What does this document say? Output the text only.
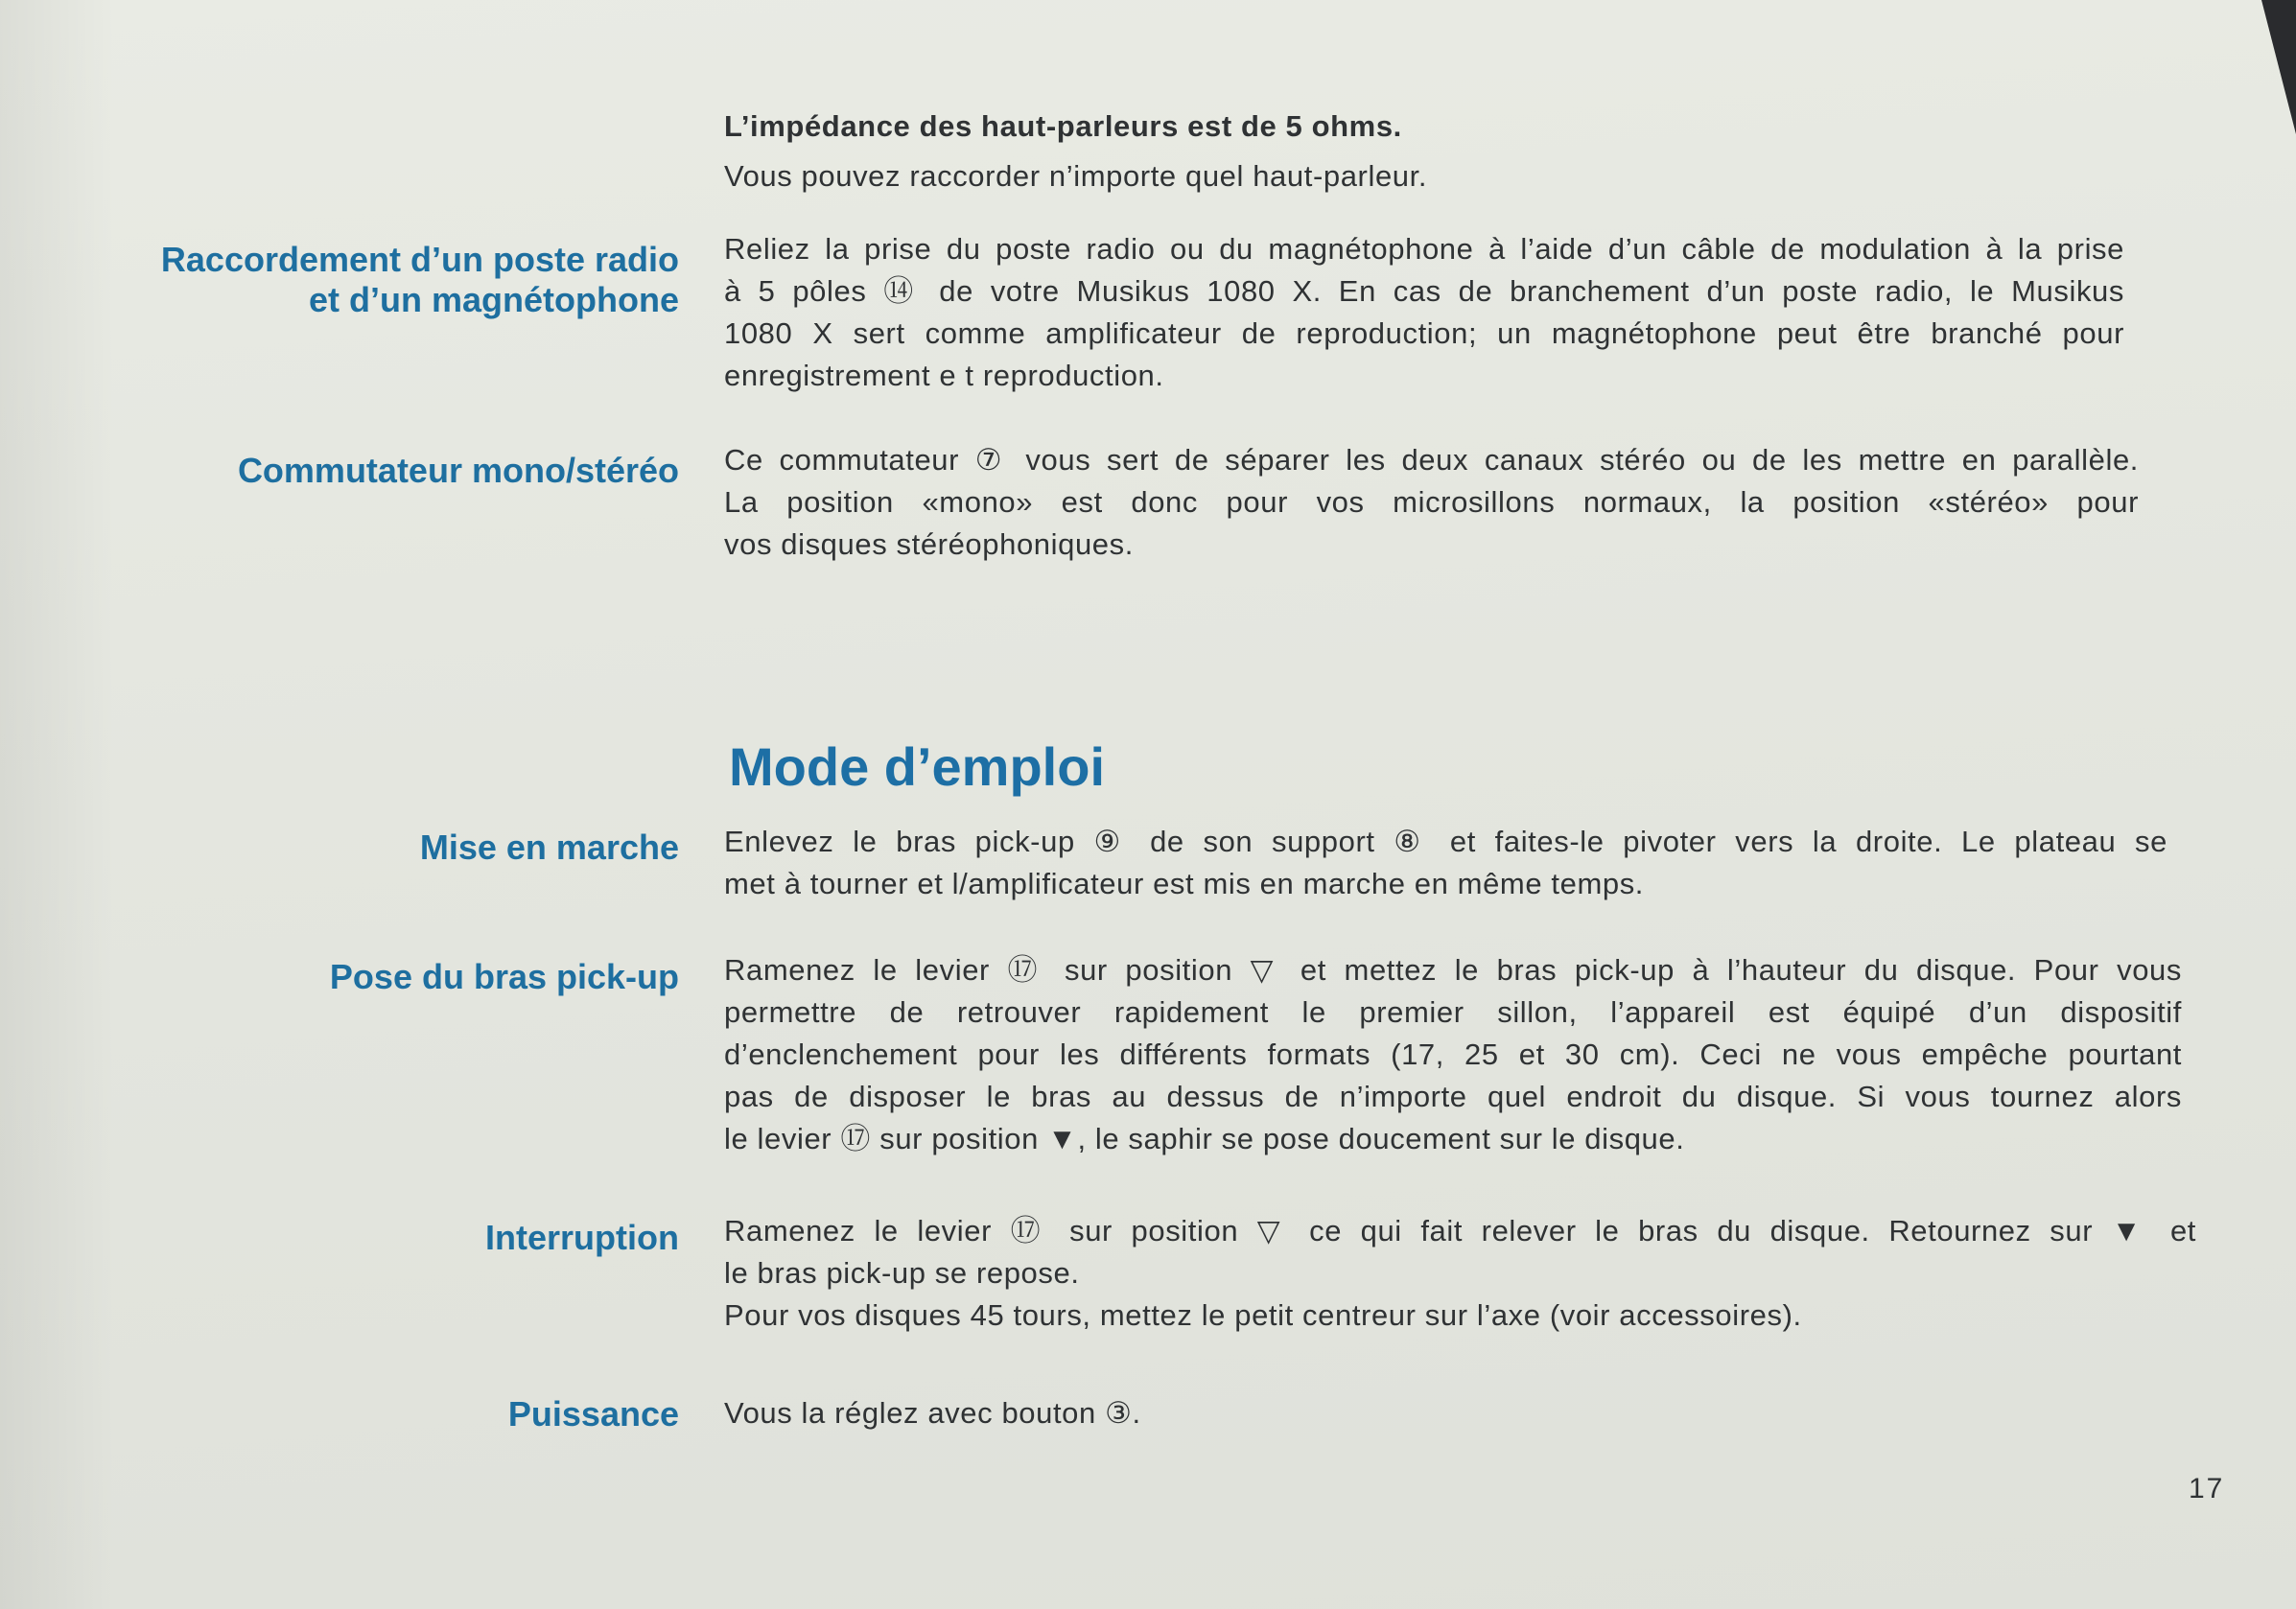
L’impédance des haut-parleurs est de 5 ohms.
Vous pouvez raccorder n’importe quel haut-parleur.
Raccordement d’un poste radio
et d’un magnétophone
Reliez la prise du poste radio ou du magnétophone à l’aide d’un câble de modulation à la prise
à 5 pôles ⑭ de votre Musikus 1080 X. En cas de branchement d’un poste radio, le Musikus
1080 X sert comme amplificateur de reproduction; un magnétophone peut être branché pour
enregistrement e t reproduction.
Commutateur mono/stéréo Ce commutateur ⑦ vous sert de séparer les deux canaux stéréo ou de les mettre en parallèle.
La position «mono» est donc pour vos microsillons normaux, la position «stéréo» pour
vos disques stéréophoniques.
Mode d’emploi
Mise en marche Enlevez le bras pick-up ⑨ de son support ⑧ et faites-le pivoter vers la droite. Le plateau se
met à tourner et l/amplificateur est mis en marche en même temps.
Pose du bras pick-up Ramenez le levier ⑰ sur position ▽ et mettez le bras pick-up à l’hauteur du disque. Pour vous
permettre de retrouver rapidement le premier sillon, l’appareil est équipé d’un dispositif
d’enclenchement pour les différents formats (17, 25 et 30 cm). Ceci ne vous empêche pourtant
pas de disposer le bras au dessus de n’importe quel endroit du disque. Si vous tournez alors
le levier ⑰ sur position ▼, le saphir se pose doucement sur le disque.
Interruption Ramenez le levier ⑰ sur position ▽ ce qui fait relever le bras du disque. Retournez sur ▼ et
le bras pick-up se repose.
Pour vos disques 45 tours, mettez le petit centreur sur l’axe (voir accessoires).
Puissance Vous la réglez avec bouton ③.
17
